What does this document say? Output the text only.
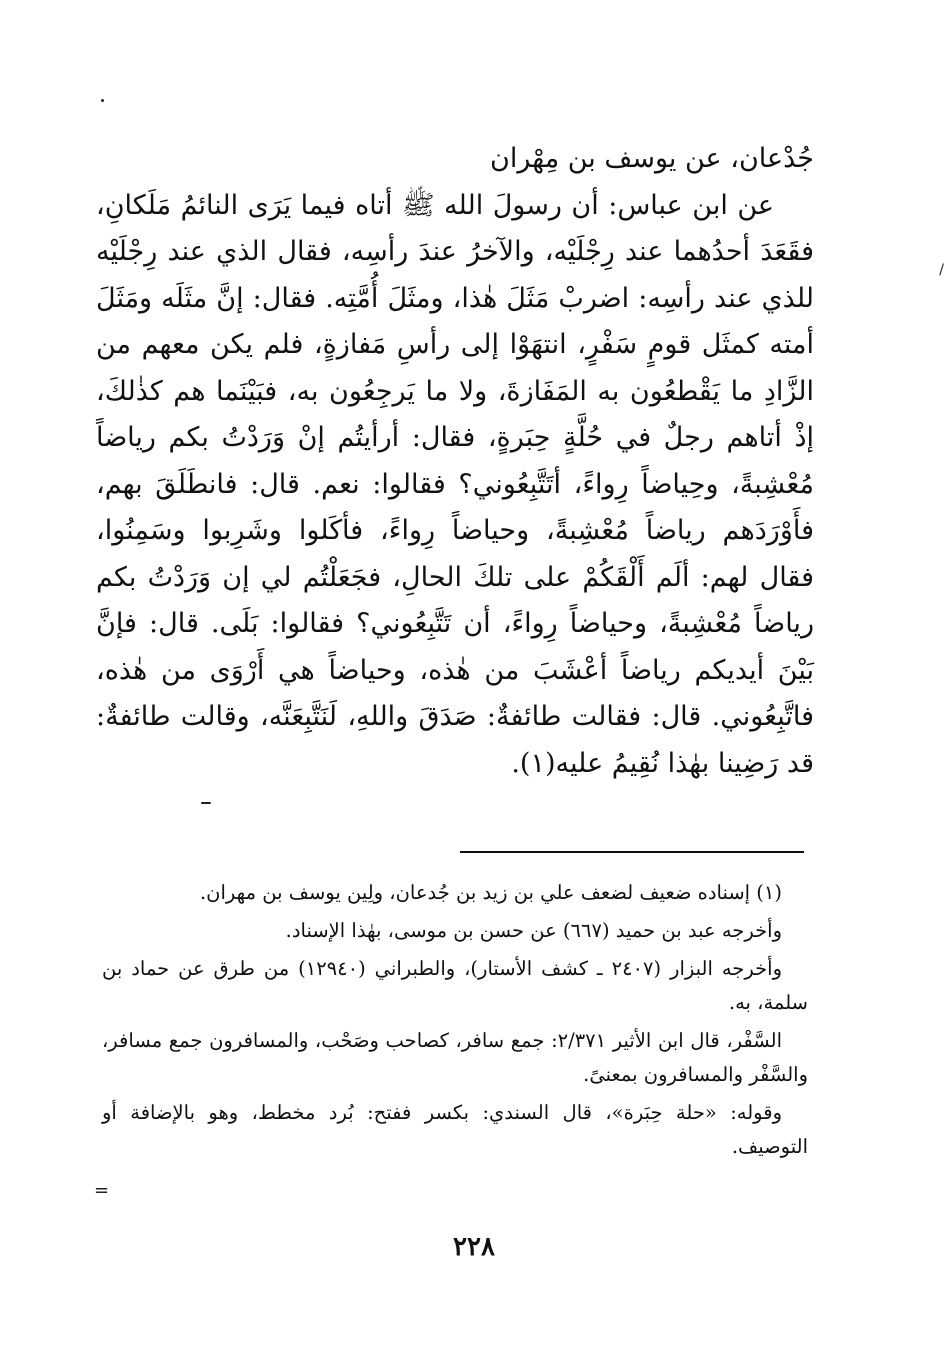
/

جُدْعان، عن يوسف بن مِهْران

عن ابن عباس: أن رسولَ الله ﷺ أتاه فيما يَرَى النائمُ مَلَكانِ، فقَعَدَ أحدُهما عند رِجْلَيْه، والآخرُ عندَ رأسِه، فقال الذي عند رِجْلَيْه للذي عند رأسِه: اضربْ مَثَلَ هٰذا، ومثَلَ أُمَّتِه. فقال: إنَّ مثَلَه ومَثَلَ أمته كمثَل قومٍ سَفْرٍ، انتهَوْا إلى رأسِ مَفازةٍ، فلم يكن معهم من الزَّادِ ما يَقْطعُون به المَفَازةَ، ولا ما يَرجِعُون به، فبَيْنَما هم كذٰلكَ، إذْ أتاهم رجلٌ في حُلَّةٍ حِبَرةٍ، فقال: أرأيتُم إنْ وَرَدْتُ بكم رياضاً مُعْشِبةً، وحِياضاً رِواءً، أتَتَّبِعُوني؟ فقالوا: نعم. قال: فانطَلَقَ بهم، فأَوْرَدَهم رياضاً مُعْشِبةً، وحياضاً رِواءً، فأكَلوا وشَرِبوا وسَمِنُوا، فقال لهم: ألَم أَلْقَكُمْ على تلكَ الحالِ، فجَعَلْتُم لي إن وَرَدْتُ بكم رياضاً مُعْشِبةً، وحياضاً رِواءً، أن تَتَّبِعُوني؟ فقالوا: بَلَى. قال: فإنَّ بَيْنَ أيديكم رياضاً أعْشَبَ من هٰذه، وحياضاً هي أَرْوَى من هٰذه، فاتَّبِعُوني. قال: فقالت طائفةٌ: صَدَقَ واللهِ، لَنَتَّبِعَنَّه، وقالت طائفةٌ: قد رَضِينا بهٰذا نُقِيمُ عليه(١).

(١) إسناده ضعيف لضعف علي بن زيد بن جُدعان، ولِين يوسف بن مهران.

وأخرجه عبد بن حميد (٦٦٧) عن حسن بن موسى، بهٰذا الإسناد.

وأخرجه البزار (٢٤٠٧ ـ كشف الأستار)، والطبراني (١٢٩٤٠) من طرق عن حماد بن سلمة، به.

السَّفْر، قال ابن الأثير ٢/٣٧١: جمع سافر، كصاحب وصَحْب، والمسافرون جمع مسافر، والسَّفْر والمسافرون بمعنىً.

وقوله: «حلة حِبَرة»، قال السندي: بكسر ففتح: بُرد مخطط، وهو بالإضافة أو التوصيف.

=
٢٢٨
